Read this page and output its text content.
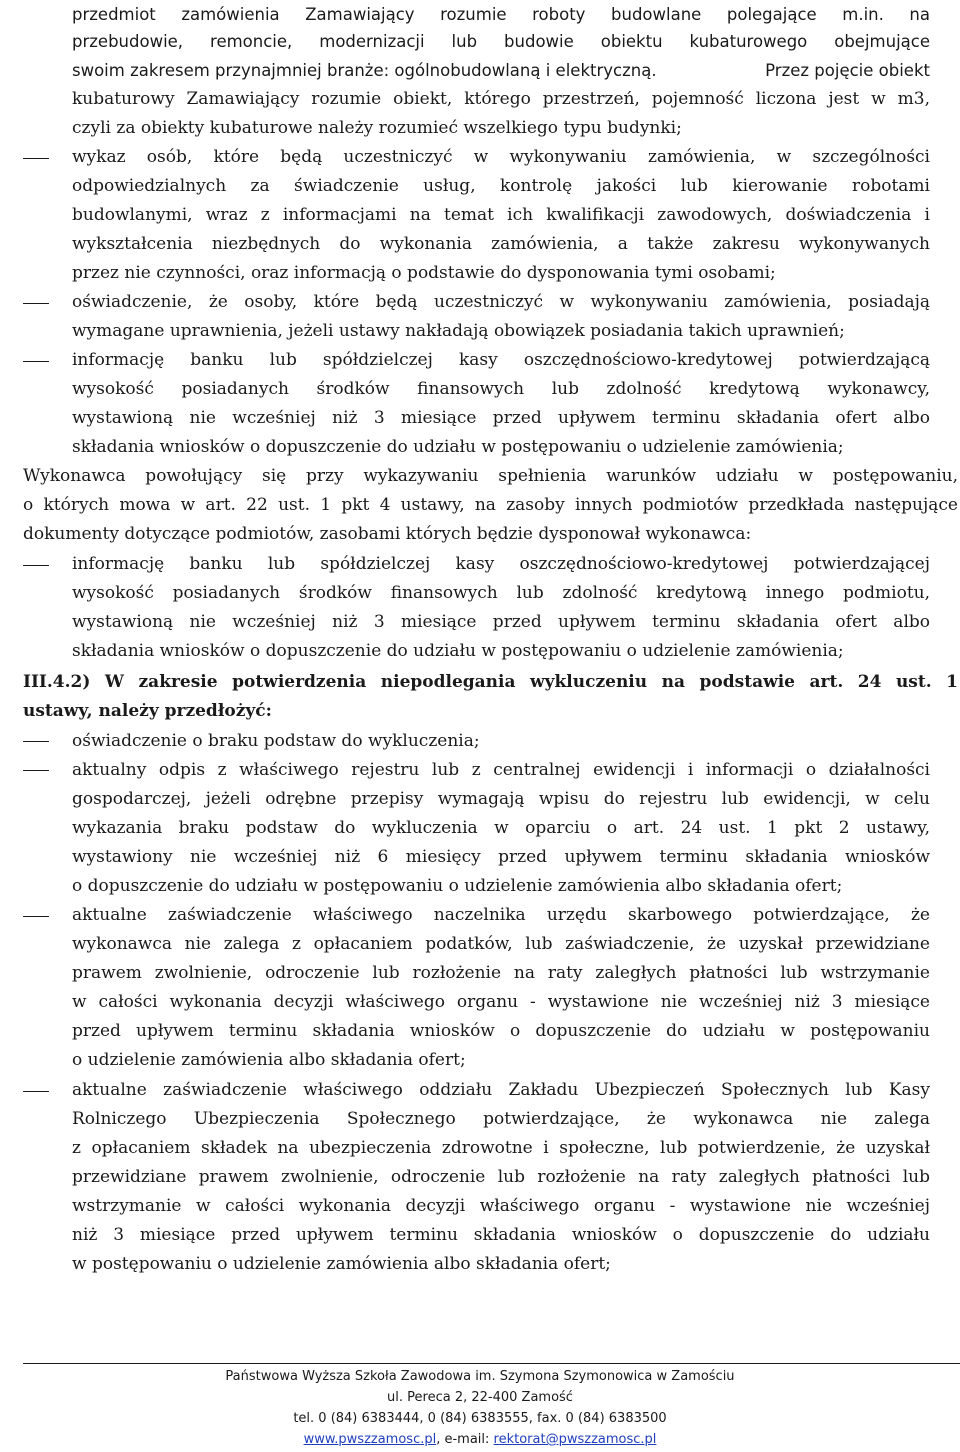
przedmiot zamówienia Zamawiający rozumie roboty budowlane polegające m.in. na
przebudowie, remoncie, modernizacji lub budowie obiektu kubaturowego obejmujące
swoim zakresem przynajmniej branże: ogólnobudowlaną i elektryczną.	Przez pojęcie obiekt
kubaturowy Zamawiający rozumie obiekt, którego przestrzeń, pojemność liczona jest w m3,
czyli za obiekty kubaturowe należy rozumieć wszelkiego typu budynki;
wykaz osób, które będą uczestniczyć w wykonywaniu zamówienia, w szczególności
odpowiedzialnych za świadczenie usług, kontrolę jakości lub kierowanie robotami
budowlanymi, wraz z informacjami na temat ich kwalifikacji zawodowych, doświadczenia i
wykształcenia niezbędnych do wykonania zamówienia, a także zakresu wykonywanych
przez nie czynności, oraz informacją o podstawie do dysponowania tymi osobami;
oświadczenie, że osoby, które będą uczestniczyć w wykonywaniu zamówienia, posiadają
wymagane uprawnienia, jeżeli ustawy nakładają obowiązek posiadania takich uprawnień;
informację banku lub spółdzielczej kasy oszczędnościowo-kredytowej potwierdzającą
wysokość posiadanych środków finansowych lub zdolność kredytową wykonawcy,
wystawioną nie wcześniej niż 3 miesiące przed upływem terminu składania ofert albo
składania wniosków o dopuszczenie do udziału w postępowaniu o udzielenie zamówienia;
Wykonawca powołujący się przy wykazywaniu spełnienia warunków udziału w postępowaniu,
o których mowa w art. 22 ust. 1 pkt 4 ustawy, na zasoby innych podmiotów przedkłada następujące
dokumenty dotyczące podmiotów, zasobami których będzie dysponował wykonawca:
informację banku lub spółdzielczej kasy oszczędnościowo-kredytowej potwierdzającej
wysokość posiadanych środków finansowych lub zdolność kredytową innego podmiotu,
wystawioną nie wcześniej niż 3 miesiące przed upływem terminu składania ofert albo
składania wniosków o dopuszczenie do udziału w postępowaniu o udzielenie zamówienia;
III.4.2) W zakresie potwierdzenia niepodlegania wykluczeniu na podstawie art. 24 ust. 1
ustawy, należy przedłożyć:
oświadczenie o braku podstaw do wykluczenia;
aktualny odpis z właściwego rejestru lub z centralnej ewidencji i informacji o działalności
gospodarczej, jeżeli odrębne przepisy wymagają wpisu do rejestru lub ewidencji, w celu
wykazania braku podstaw do wykluczenia w oparciu o art. 24 ust. 1 pkt 2 ustawy,
wystawiony nie wcześniej niż 6 miesięcy przed upływem terminu składania wniosków
o dopuszczenie do udziału w postępowaniu o udzielenie zamówienia albo składania ofert;
aktualne zaświadczenie właściwego naczelnika urzędu skarbowego potwierdzające, że
wykonawca nie zalega z opłacaniem podatków, lub zaświadczenie, że uzyskał przewidziane
prawem zwolnienie, odroczenie lub rozłożenie na raty zaległych płatności lub wstrzymanie
w całości wykonania decyzji właściwego organu - wystawione nie wcześniej niż 3 miesiące
przed upływem terminu składania wniosków o dopuszczenie do udziału w postępowaniu
o udzielenie zamówienia albo składania ofert;
aktualne zaświadczenie właściwego oddziału Zakładu Ubezpieczeń Społecznych lub Kasy
Rolniczego Ubezpieczenia Społecznego potwierdzające, że wykonawca nie zalega
z opłacaniem składek na ubezpieczenia zdrowotne i społeczne, lub potwierdzenie, że uzyskał
przewidziane prawem zwolnienie, odroczenie lub rozłożenie na raty zaległych płatności lub
wstrzymanie w całości wykonania decyzji właściwego organu - wystawione nie wcześniej
niż 3 miesiące przed upływem terminu składania wniosków o dopuszczenie do udziału
w postępowaniu o udzielenie zamówienia albo składania ofert;
Państwowa Wyższa Szkoła Zawodowa im. Szymona Szymonowica w Zamościu
ul. Pereca 2, 22-400 Zamość
tel. 0 (84) 6383444, 0 (84) 6383555, fax. 0 (84) 6383500
www.pwszzamosc.pl, e-mail: rektorat@pwszzamosc.pl
